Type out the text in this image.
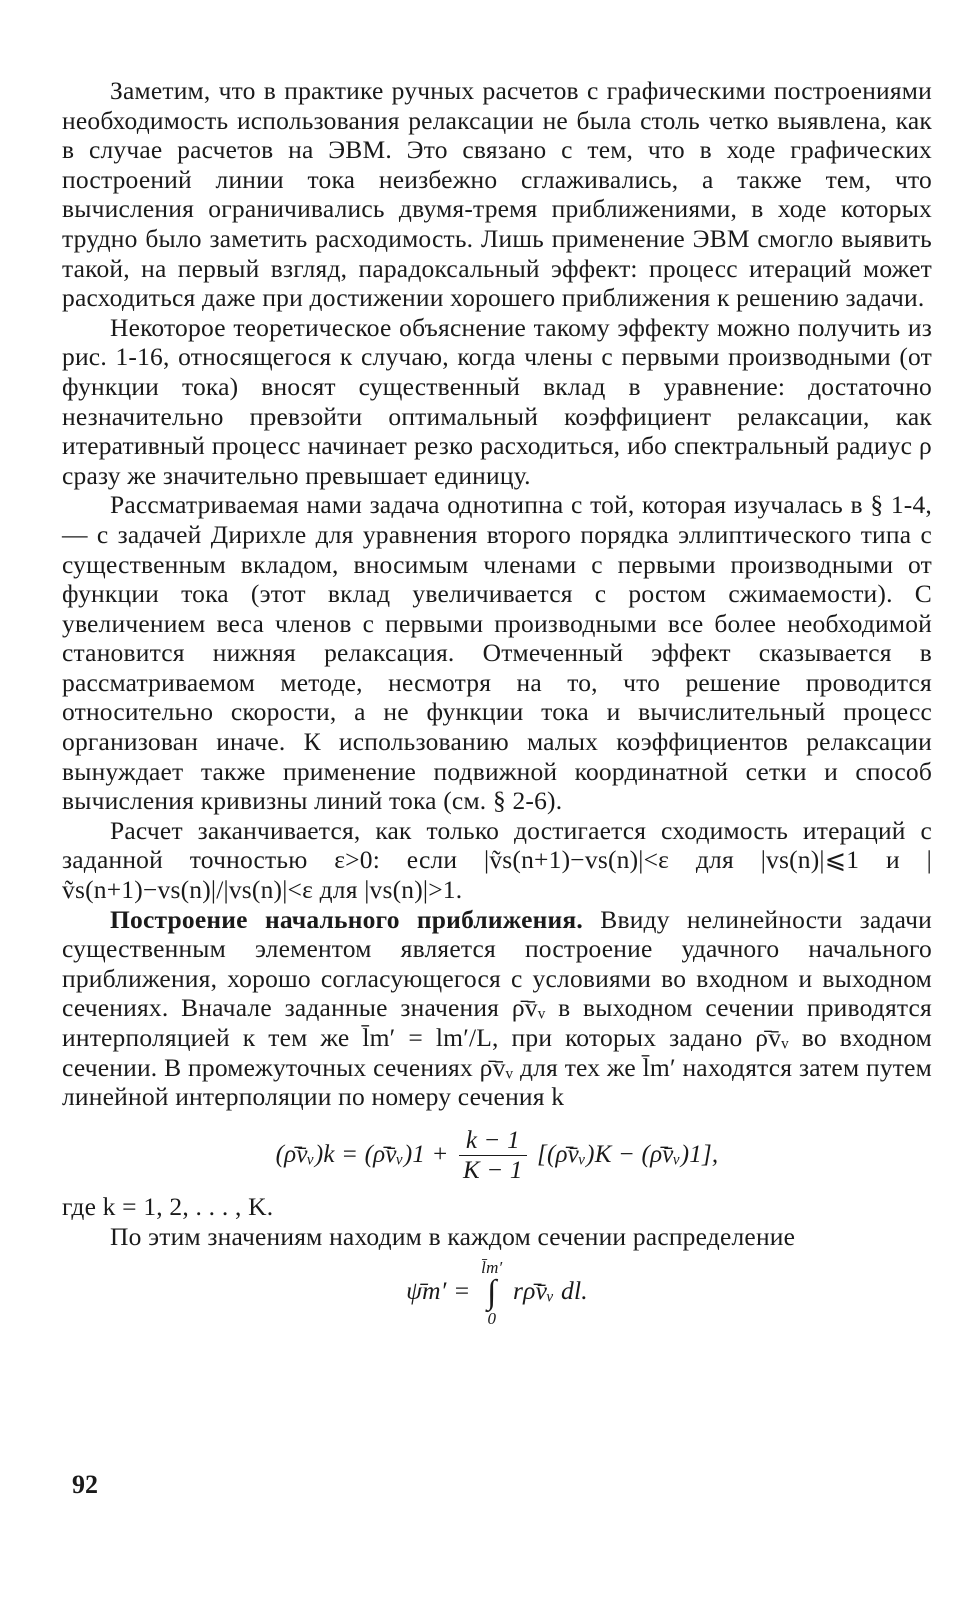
Заметим, что в практике ручных расчетов с графическими построениями необходимость использования релаксации не была столь четко выявлена, как в случае расчетов на ЭВМ. Это связано с тем, что в ходе графических построений линии тока неизбежно сглаживались, а также тем, что вычисления ограничивались двумя-тремя приближениями, в ходе которых трудно было заметить расходимость. Лишь применение ЭВМ смогло выявить такой, на первый взгляд, парадоксальный эффект: процесс итераций может расходиться даже при достижении хорошего приближения к решению задачи.

Некоторое теоретическое объяснение такому эффекту можно получить из рис. 1-16, относящегося к случаю, когда члены с первыми производными (от функции тока) вносят существенный вклад в уравнение: достаточно незначительно превзойти оптимальный коэффициент релаксации, как итеративный процесс начинает резко расходиться, ибо спектральный радиус ρ сразу же значительно превышает единицу.

Рассматриваемая нами задача однотипна с той, которая изучалась в § 1-4,— с задачей Дирихле для уравнения второго порядка эллиптического типа с существенным вкладом, вносимым членами с первыми производными от функции тока (этот вклад увеличивается с ростом сжимаемости). С увеличением веса членов с первыми производными все более необходимой становится нижняя релаксация. Отмеченный эффект сказывается в рассматриваемом методе, несмотря на то, что решение проводится относительно скорости, а не функции тока и вычислительный процесс организован иначе. К использованию малых коэффициентов релаксации вынуждает также применение подвижной координатной сетки и способ вычисления кривизны линий тока (см. § 2-6).

Расчет заканчивается, как только достигается сходимость итераций с заданной точностью ε>0: если |ṽs(n+1)−vs(n)|<ε для |vs(n)|⩽1 и |ṽs(n+1)−vs(n)|/|vs(n)|<ε для |vs(n)|>1.

Построение начального приближения. Ввиду нелинейности задачи существенным элементом является построение удачного начального приближения, хорошо согласующегося с условиями во входном и выходном сечениях. Вначале заданные значения ρ̄v̄ᵥ в выходном сечении приводятся интерполяцией к тем же l̄m′ = lm′/L, при которых задано ρ̄v̄ᵥ во входном сечении. В промежуточных сечениях ρ̄v̄ᵥ для тех же l̄m′ находятся затем путем линейной интерполяции по номеру сечения k

(ρ̄v̄ᵥ)k = (ρ̄v̄ᵥ)1 + $\frac{k - 1}{K - 1}$ [(ρ̄v̄ᵥ)K − (ρ̄v̄ᵥ)1],

где k = 1, 2, . . . , K.

По этим значениям находим в каждом сечении распределение

ψ̄m′ =
l̄m′
∫
0
rρ̄v̄ᵥ dl.
92
